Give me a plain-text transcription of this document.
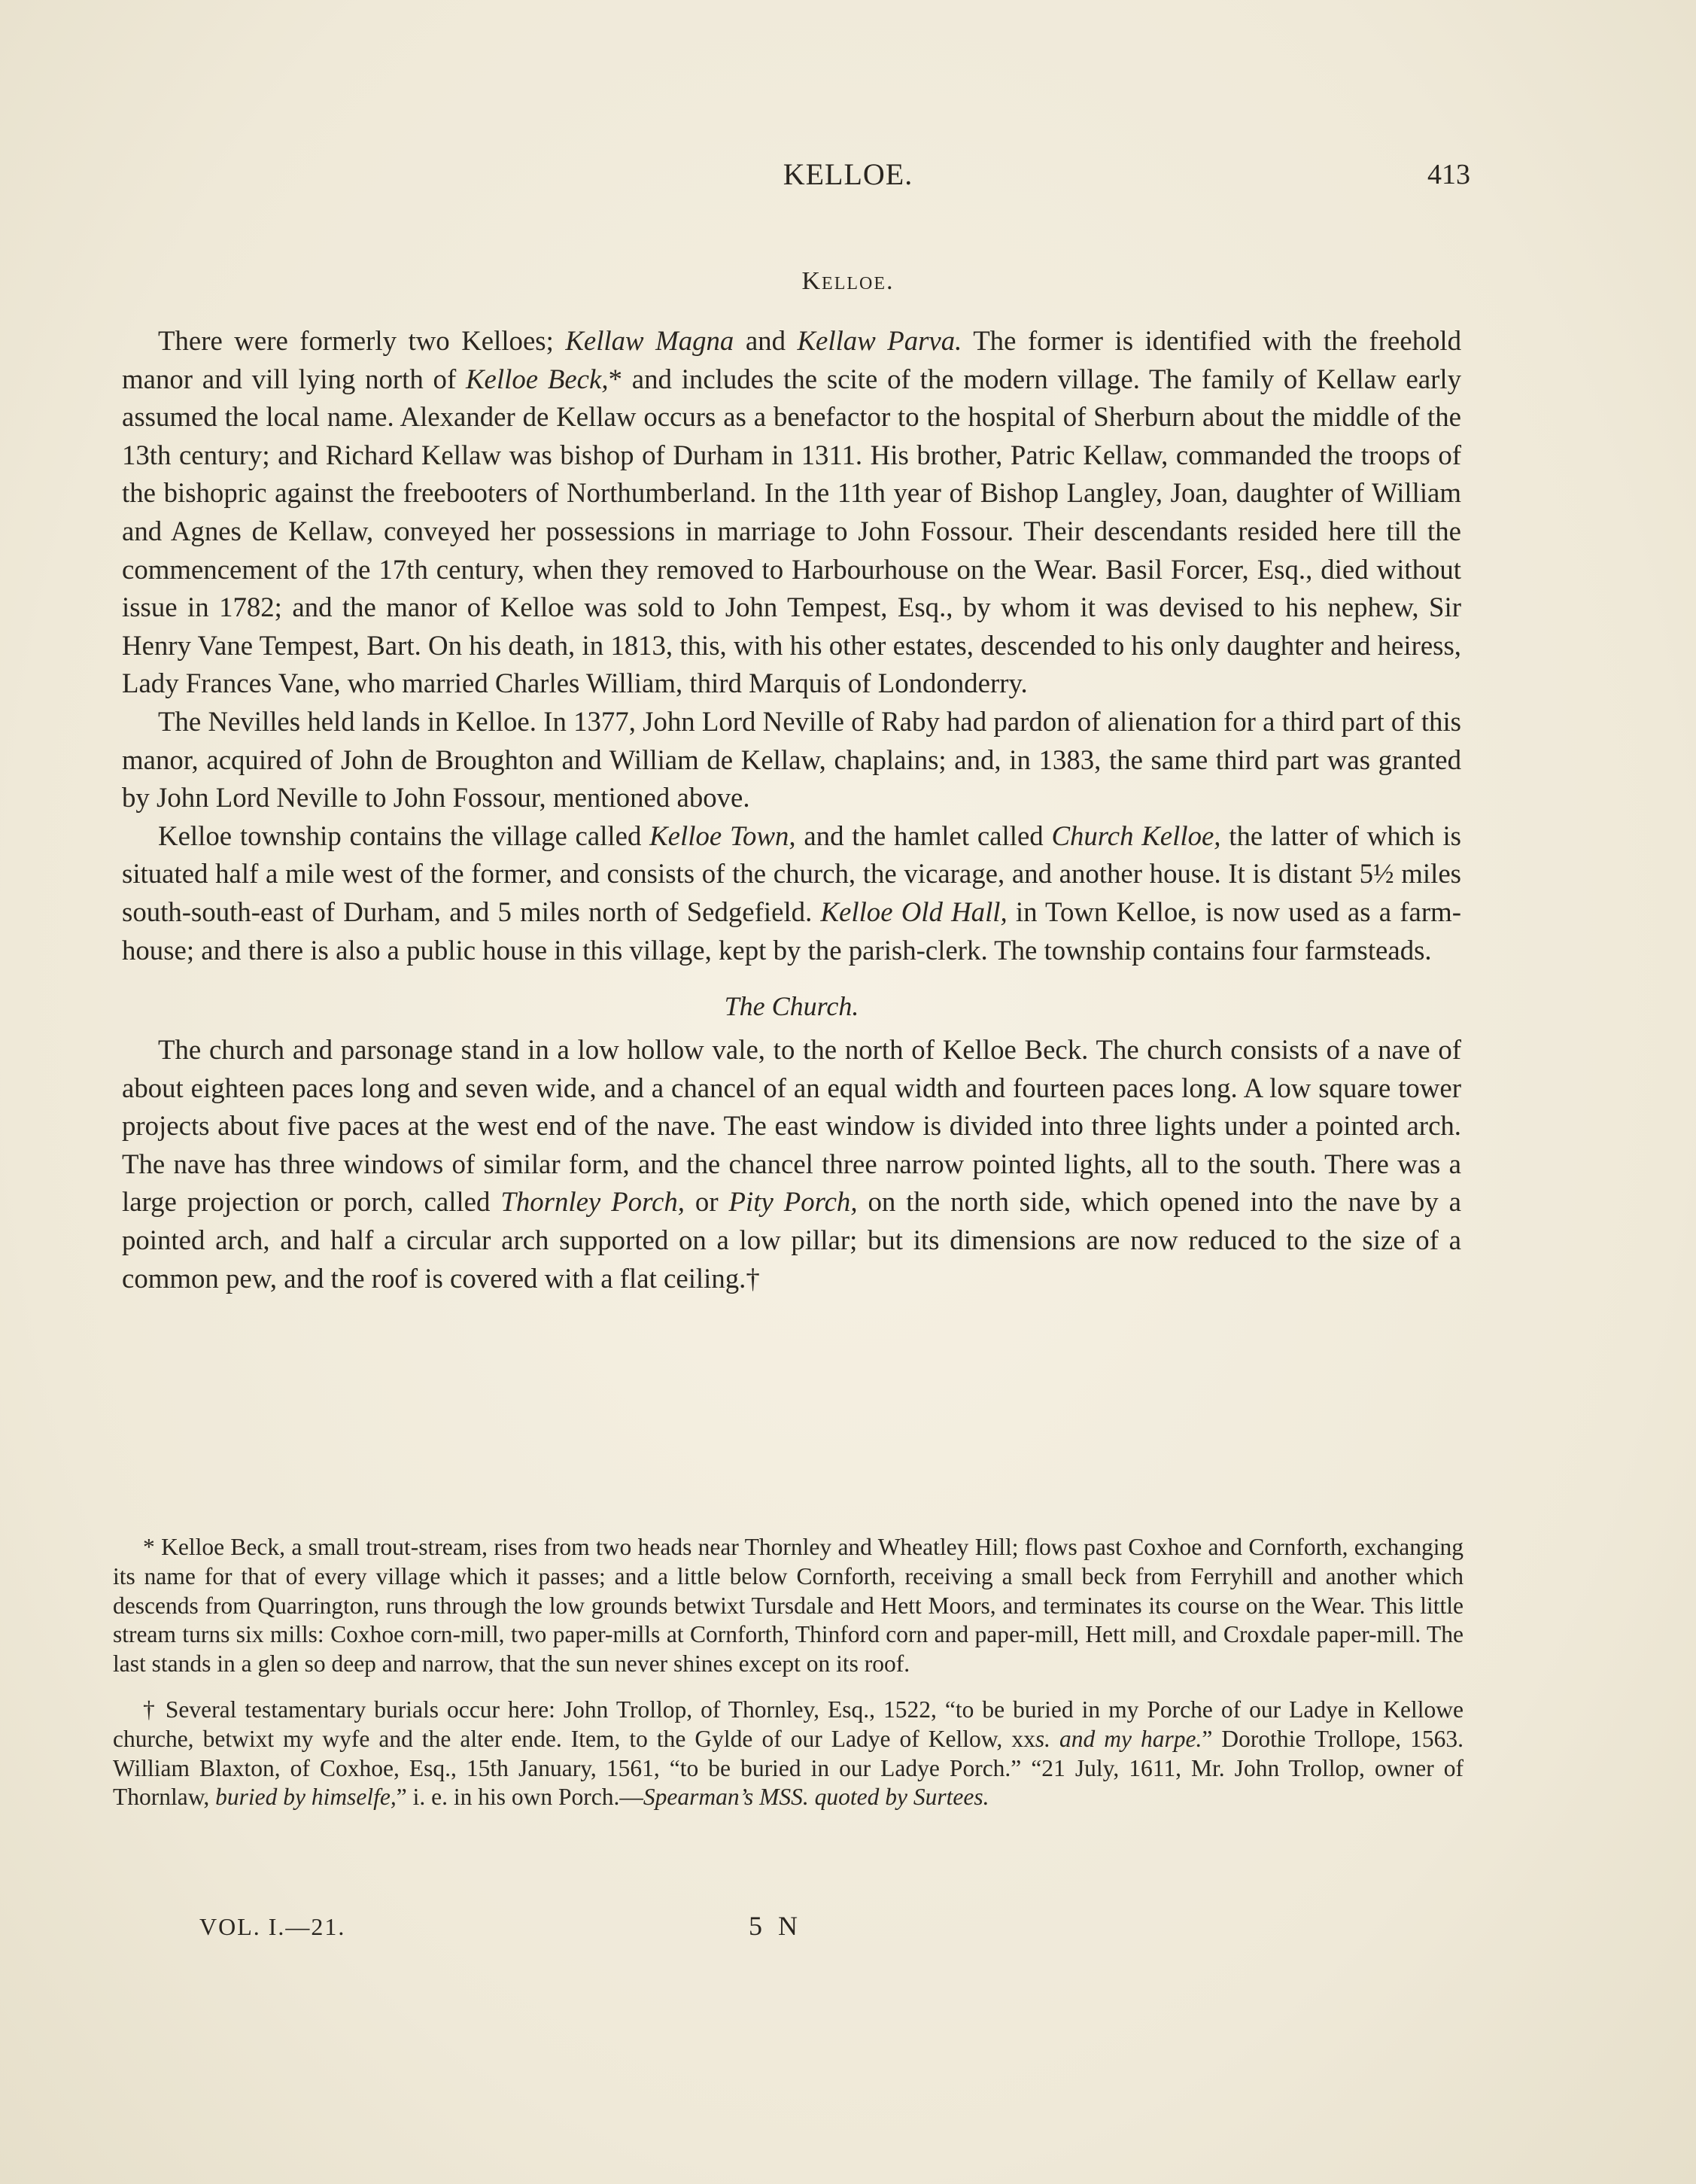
KELLOE.	413
Kelloe.

There were formerly two Kelloes; Kellaw Magna and Kellaw Parva. The former is identified with the freehold manor and vill lying north of Kelloe Beck,* and includes the scite of the modern village. The family of Kellaw early assumed the local name. Alexander de Kellaw occurs as a benefactor to the hospital of Sherburn about the middle of the 13th century; and Richard Kellaw was bishop of Durham in 1311. His brother, Patric Kellaw, commanded the troops of the bishopric against the freebooters of Northumberland. In the 11th year of Bishop Langley, Joan, daughter of William and Agnes de Kellaw, conveyed her possessions in marriage to John Fossour. Their descendants resided here till the commencement of the 17th century, when they removed to Harbourhouse on the Wear. Basil Forcer, Esq., died without issue in 1782; and the manor of Kelloe was sold to John Tempest, Esq., by whom it was devised to his nephew, Sir Henry Vane Tempest, Bart. On his death, in 1813, this, with his other estates, descended to his only daughter and heiress, Lady Frances Vane, who married Charles William, third Marquis of Londonderry.

The Nevilles held lands in Kelloe. In 1377, John Lord Neville of Raby had pardon of alienation for a third part of this manor, acquired of John de Broughton and William de Kellaw, chaplains; and, in 1383, the same third part was granted by John Lord Neville to John Fossour, mentioned above.

Kelloe township contains the village called Kelloe Town, and the hamlet called Church Kelloe, the latter of which is situated half a mile west of the former, and consists of the church, the vicarage, and another house. It is distant 5½ miles south-south-east of Durham, and 5 miles north of Sedgefield. Kelloe Old Hall, in Town Kelloe, is now used as a farm-house; and there is also a public house in this village, kept by the parish-clerk. The township contains four farmsteads.

The Church.

The church and parsonage stand in a low hollow vale, to the north of Kelloe Beck. The church consists of a nave of about eighteen paces long and seven wide, and a chancel of an equal width and fourteen paces long. A low square tower projects about five paces at the west end of the nave. The east window is divided into three lights under a pointed arch. The nave has three windows of similar form, and the chancel three narrow pointed lights, all to the south. There was a large projection or porch, called Thornley Porch, or Pity Porch, on the north side, which opened into the nave by a pointed arch, and half a circular arch supported on a low pillar; but its dimensions are now reduced to the size of a common pew, and the roof is covered with a flat ceiling.†

* Kelloe Beck, a small trout-stream, rises from two heads near Thornley and Wheatley Hill; flows past Coxhoe and Cornforth, exchanging its name for that of every village which it passes; and a little below Cornforth, receiving a small beck from Ferryhill and another which descends from Quarrington, runs through the low grounds betwixt Tursdale and Hett Moors, and terminates its course on the Wear. This little stream turns six mills: Coxhoe corn-mill, two paper-mills at Cornforth, Thinford corn and paper-mill, Hett mill, and Croxdale paper-mill. The last stands in a glen so deep and narrow, that the sun never shines except on its roof.

† Several testamentary burials occur here: John Trollop, of Thornley, Esq., 1522, “to be buried in my Porche of our Ladye in Kellowe churche, betwixt my wyfe and the alter ende. Item, to the Gylde of our Ladye of Kellow, xxs. and my harpe.” Dorothie Trollope, 1563. William Blaxton, of Coxhoe, Esq., 15th January, 1561, “to be buried in our Ladye Porch.” “21 July, 1611, Mr. John Trollop, owner of Thornlaw, buried by himselfe,” i. e. in his own Porch.—Spearman’s MSS. quoted by Surtees.

VOL. I.—21.	5 N
